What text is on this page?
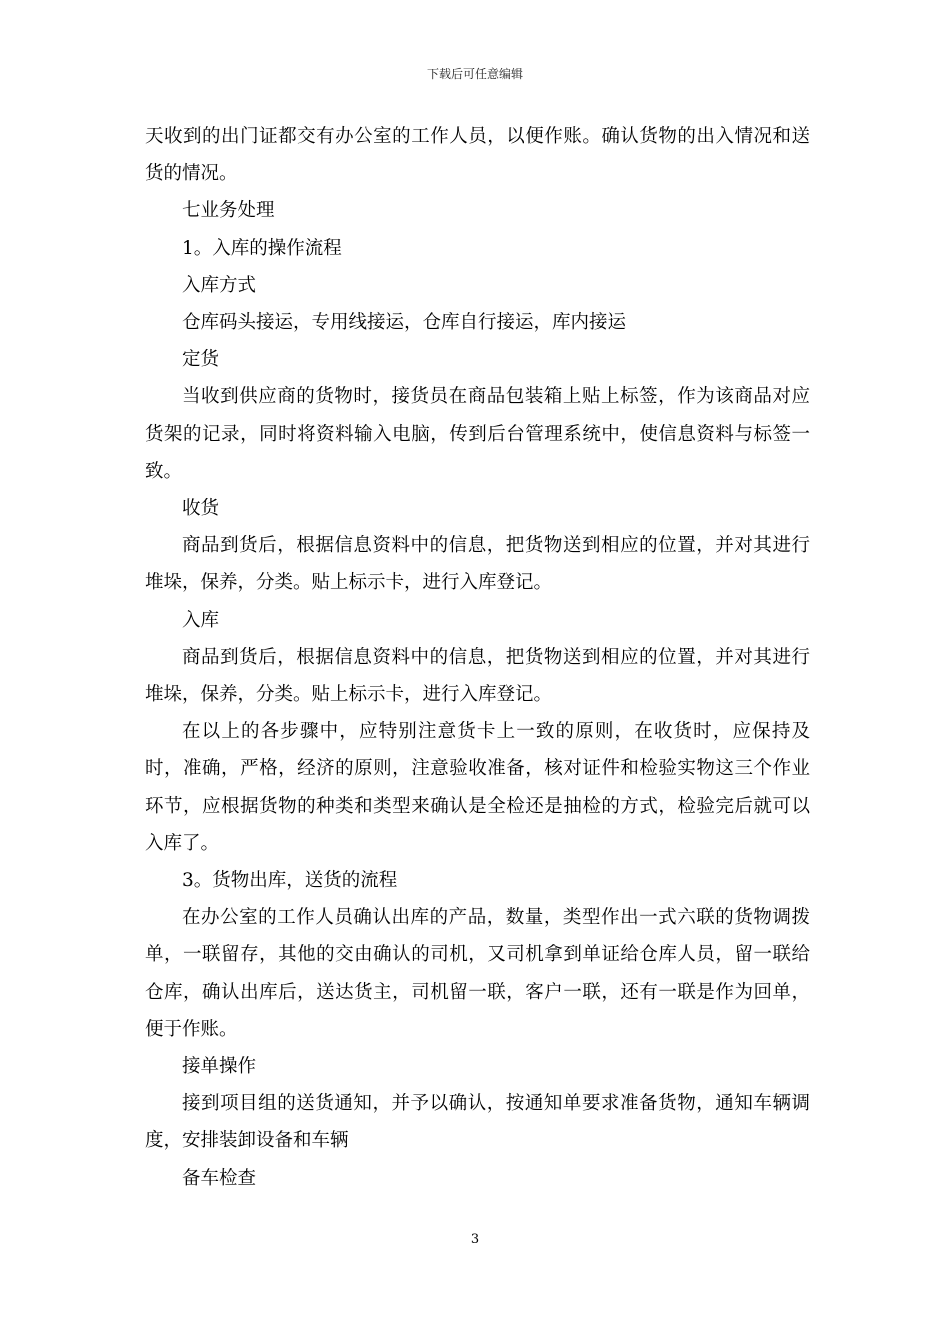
下载后可任意编辑

天收到的出门证都交有办公室的工作人员，以便作账。确认货物的出入情况和送货的情况。

七业务处理

1。入库的操作流程

入库方式

仓库码头接运，专用线接运，仓库自行接运，库内接运

定货

当收到供应商的货物时，接货员在商品包装箱上贴上标签，作为该商品对应货架的记录，同时将资料输入电脑，传到后台管理系统中，使信息资料与标签一致。

收货

商品到货后，根据信息资料中的信息，把货物送到相应的位置，并对其进行堆垛，保养，分类。贴上标示卡，进行入库登记。

入库

商品到货后，根据信息资料中的信息，把货物送到相应的位置，并对其进行堆垛，保养，分类。贴上标示卡，进行入库登记。

在以上的各步骤中，应特别注意货卡上一致的原则，在收货时，应保持及时，准确，严格，经济的原则，注意验收准备，核对证件和检验实物这三个作业环节，应根据货物的种类和类型来确认是全检还是抽检的方式，检验完后就可以入库了。

3。货物出库，送货的流程

在办公室的工作人员确认出库的产品，数量，类型作出一式六联的货物调拨单，一联留存，其他的交由确认的司机，又司机拿到单证给仓库人员，留一联给仓库，确认出库后，送达货主，司机留一联，客户一联，还有一联是作为回单，便于作账。

接单操作

接到项目组的送货通知，并予以确认，按通知单要求准备货物，通知车辆调度，安排装卸设备和车辆

备车检查

3
